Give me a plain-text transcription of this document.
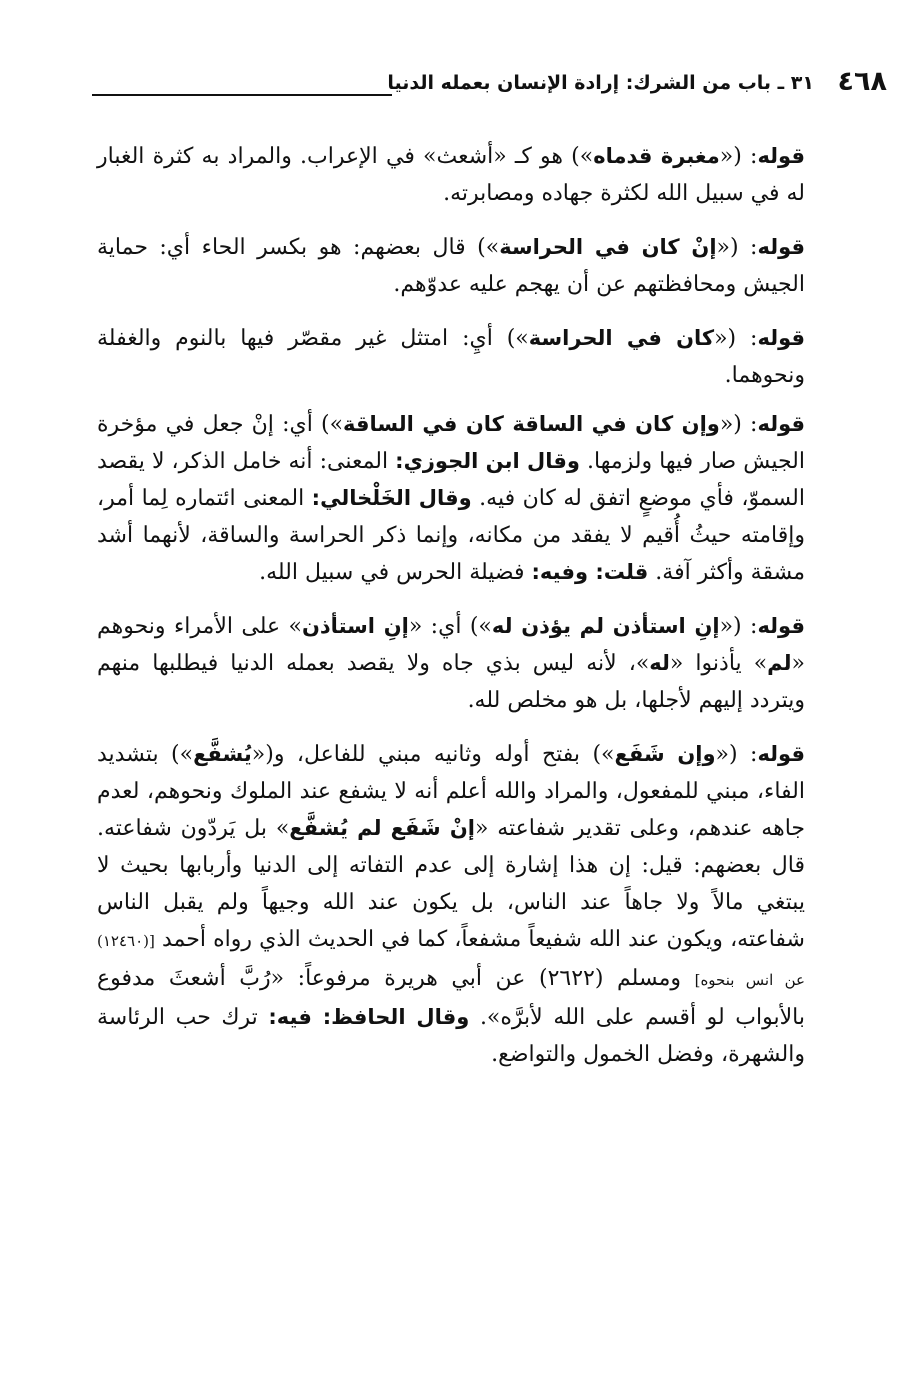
٤٦٨
٣١ ـ باب من الشرك: إرادة الإنسان بعمله الدنيا

قوله: («مغبرة قدماه») هو كـ «أشعث» في الإعراب. والمراد به كثرة الغبار له في سبيل الله لكثرة جهاده ومصابرته.

قوله: («إنْ كان في الحراسة») قال بعضهم: هو بكسر الحاء أي: حماية الجيش ومحافظتهم عن أن يهجم عليه عدوّهم.

قوله: («كان في الحراسة») أيِ: امتثل غير مقصّر فيها بالنوم والغفلة ونحوهما.

قوله: («وإن كان في الساقة كان في الساقة») أي: إنْ جعل في مؤخرة الجيش صار فيها ولزمها. وقال ابن الجوزي: المعنى: أنه خامل الذكر، لا يقصد السموّ، فأي موضعٍ اتفق له كان فيه. وقال الخَلْخالي: المعنى ائتماره لِما أمر، وإقامته حيثُ أُقيم لا يفقد من مكانه، وإنما ذكر الحراسة والساقة، لأنهما أشد مشقة وأكثر آفة. قلت: وفيه: فضيلة الحرس في سبيل الله.

قوله: («إنِ استأذن لم يؤذن له») أي: «إنِ استأذن» على الأمراء ونحوهم «لم» يأذنوا «له»، لأنه ليس بذي جاه ولا يقصد بعمله الدنيا فيطلبها منهم ويتردد إليهم لأجلها، بل هو مخلص لله.

قوله: («وإن شَفَع») بفتح أوله وثانيه مبني للفاعل، و(«يُشفَّع») بتشديد الفاء، مبني للمفعول، والمراد والله أعلم أنه لا يشفع عند الملوك ونحوهم، لعدم جاهه عندهم، وعلى تقدير شفاعته «إنْ شَفَع لم يُشفَّع» بل يَردّون شفاعته. قال بعضهم: قيل: إن هذا إشارة إلى عدم التفاته إلى الدنيا وأربابها بحيث لا يبتغي مالاً ولا جاهاً عند الناس، بل يكون عند الله وجيهاً ولم يقبل الناس شفاعته، ويكون عند الله شفيعاً مشفعاً، كما في الحديث الذي رواه أحمد [(١٢٤٦٠) عن انس بنحوه] ومسلم (٢٦٢٢) عن أبي هريرة مرفوعاً: «رُبَّ أشعثَ مدفوع بالأبواب لو أقسم على الله لأبرَّه». وقال الحافظ: فيه: ترك حب الرئاسة والشهرة، وفضل الخمول والتواضع.
